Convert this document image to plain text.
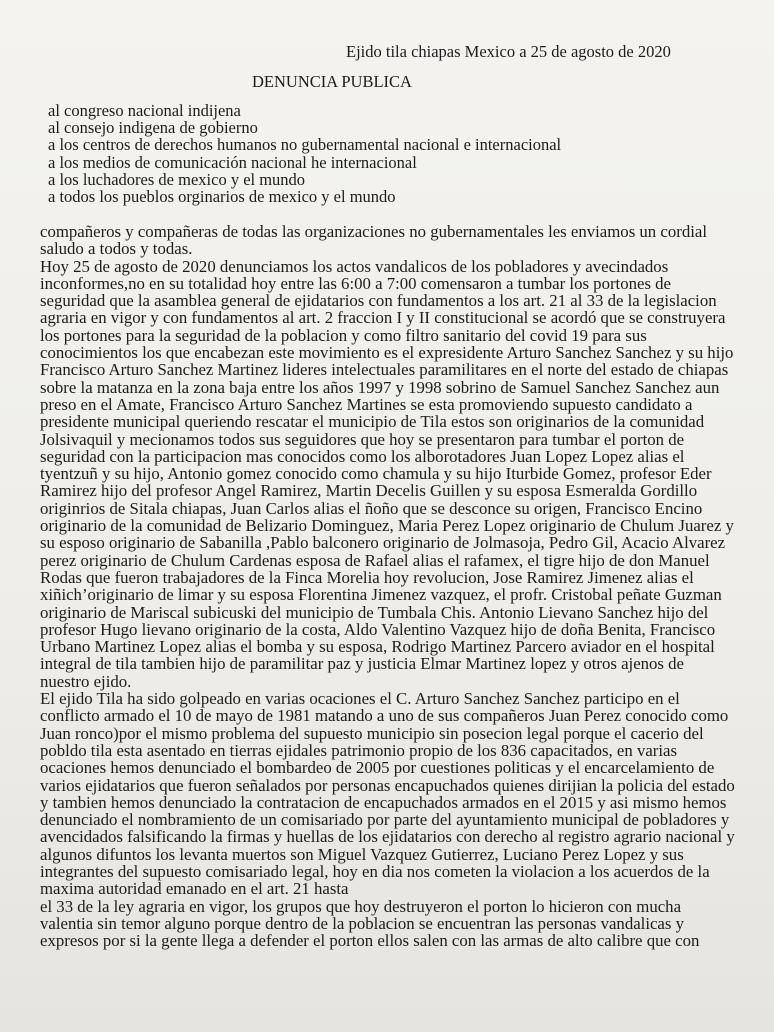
Ejido tila chiapas Mexico a 25 de agosto de 2020
DENUNCIA PUBLICA
al congreso nacional indijena
al consejo indigena de gobierno
a los centros de derechos humanos no gubernamental nacional e internacional
a los medios de comunicación nacional he internacional
a los luchadores de mexico y el mundo
a todos los pueblos orginarios de mexico y el mundo
compañeros y compañeras de todas las organizaciones no gubernamentales les enviamos un cordial
saludo a todos y todas.
Hoy 25 de agosto de 2020 denunciamos los actos vandalicos de los pobladores y avecindados
inconformes,no en su totalidad hoy entre las 6:00 a 7:00 comensaron a tumbar los portones de
seguridad que la asamblea general de ejidatarios con fundamentos a los art. 21 al 33 de la legislacion
agraria en vigor y con fundamentos al art. 2 fraccion I y II constitucional se acordó que se construyera
los portones para la seguridad de la poblacion y como filtro sanitario del covid 19 para sus
conocimientos los que encabezan este movimiento es el expresidente Arturo Sanchez Sanchez y su hijo
Francisco Arturo Sanchez Martinez lideres intelectuales paramilitares en el norte del estado de chiapas
sobre la matanza en la zona baja entre los años 1997 y 1998 sobrino de Samuel Sanchez Sanchez aun
preso en el Amate, Francisco Arturo Sanchez Martines se esta promoviendo supuesto candidato a
presidente municipal queriendo rescatar el municipio de Tila estos son originarios de la comunidad
Jolsivaquil y mecionamos todos sus seguidores que hoy se presentaron para tumbar el porton de
seguridad con la participacion mas conocidos como los alborotadores Juan Lopez Lopez alias el
tyentzuñ y su hijo, Antonio gomez conocido como chamula y su hijo Iturbide Gomez, profesor Eder
Ramirez hijo del profesor Angel Ramirez, Martin Decelis Guillen y su esposa Esmeralda Gordillo
originrios de Sitala chiapas, Juan Carlos alias el ñoño que se desconce su origen, Francisco Encino
originario de la comunidad de Belizario Dominguez, Maria Perez Lopez originario de Chulum Juarez y
su esposo originario de Sabanilla ,Pablo balconero originario de Jolmasoja, Pedro Gil, Acacio Alvarez
perez originario de Chulum Cardenas esposa de Rafael alias el rafamex, el tigre hijo de don Manuel
Rodas que fueron trabajadores de la Finca Morelia hoy revolucion, Jose Ramirez Jimenez alias el
xiñich’originario de limar y su esposa Florentina Jimenez vazquez, el profr. Cristobal peñate Guzman
originario de Mariscal subicuski del municipio de Tumbala Chis. Antonio Lievano Sanchez hijo del
profesor Hugo lievano originario de la costa, Aldo Valentino Vazquez hijo de doña Benita, Francisco
Urbano Martinez Lopez alias el bomba y su esposa, Rodrigo Martinez Parcero aviador en el hospital
integral de tila tambien hijo de paramilitar paz y justicia Elmar Martinez lopez y otros ajenos de
nuestro ejido.
El ejido Tila ha sido golpeado en varias ocaciones el C. Arturo Sanchez Sanchez participo en el
conflicto armado el 10 de mayo de 1981 matando a uno de sus compañeros Juan Perez conocido como
Juan ronco)por el mismo problema del supuesto municipio sin posecion legal porque el cacerio del
pobldo tila esta asentado en tierras ejidales patrimonio propio de los 836 capacitados, en varias
ocaciones hemos denunciado el bombardeo de 2005 por cuestiones politicas y el encarcelamiento de
varios ejidatarios que fueron señalados por personas encapuchados quienes dirijian la policia del estado
y tambien hemos denunciado la contratacion de encapuchados armados en el 2015 y asi mismo hemos
denunciado el nombramiento de un comisariado por parte del ayuntamiento municipal de pobladores y
avencidados falsificando la firmas y huellas de los ejidatarios con derecho al registro agrario nacional y
algunos difuntos los levanta muertos son Miguel Vazquez Gutierrez, Luciano Perez Lopez y sus
integrantes del supuesto comisariado legal, hoy en dia nos cometen la violacion a los acuerdos de la
maxima autoridad emanado en el art. 21 hasta
el 33 de la ley agraria en vigor, los grupos que hoy destruyeron el porton lo hicieron con mucha
valentia sin temor alguno porque dentro de la poblacion se encuentran las personas vandalicas y
expresos por si la gente llega a defender el porton ellos salen con las armas de alto calibre que con
